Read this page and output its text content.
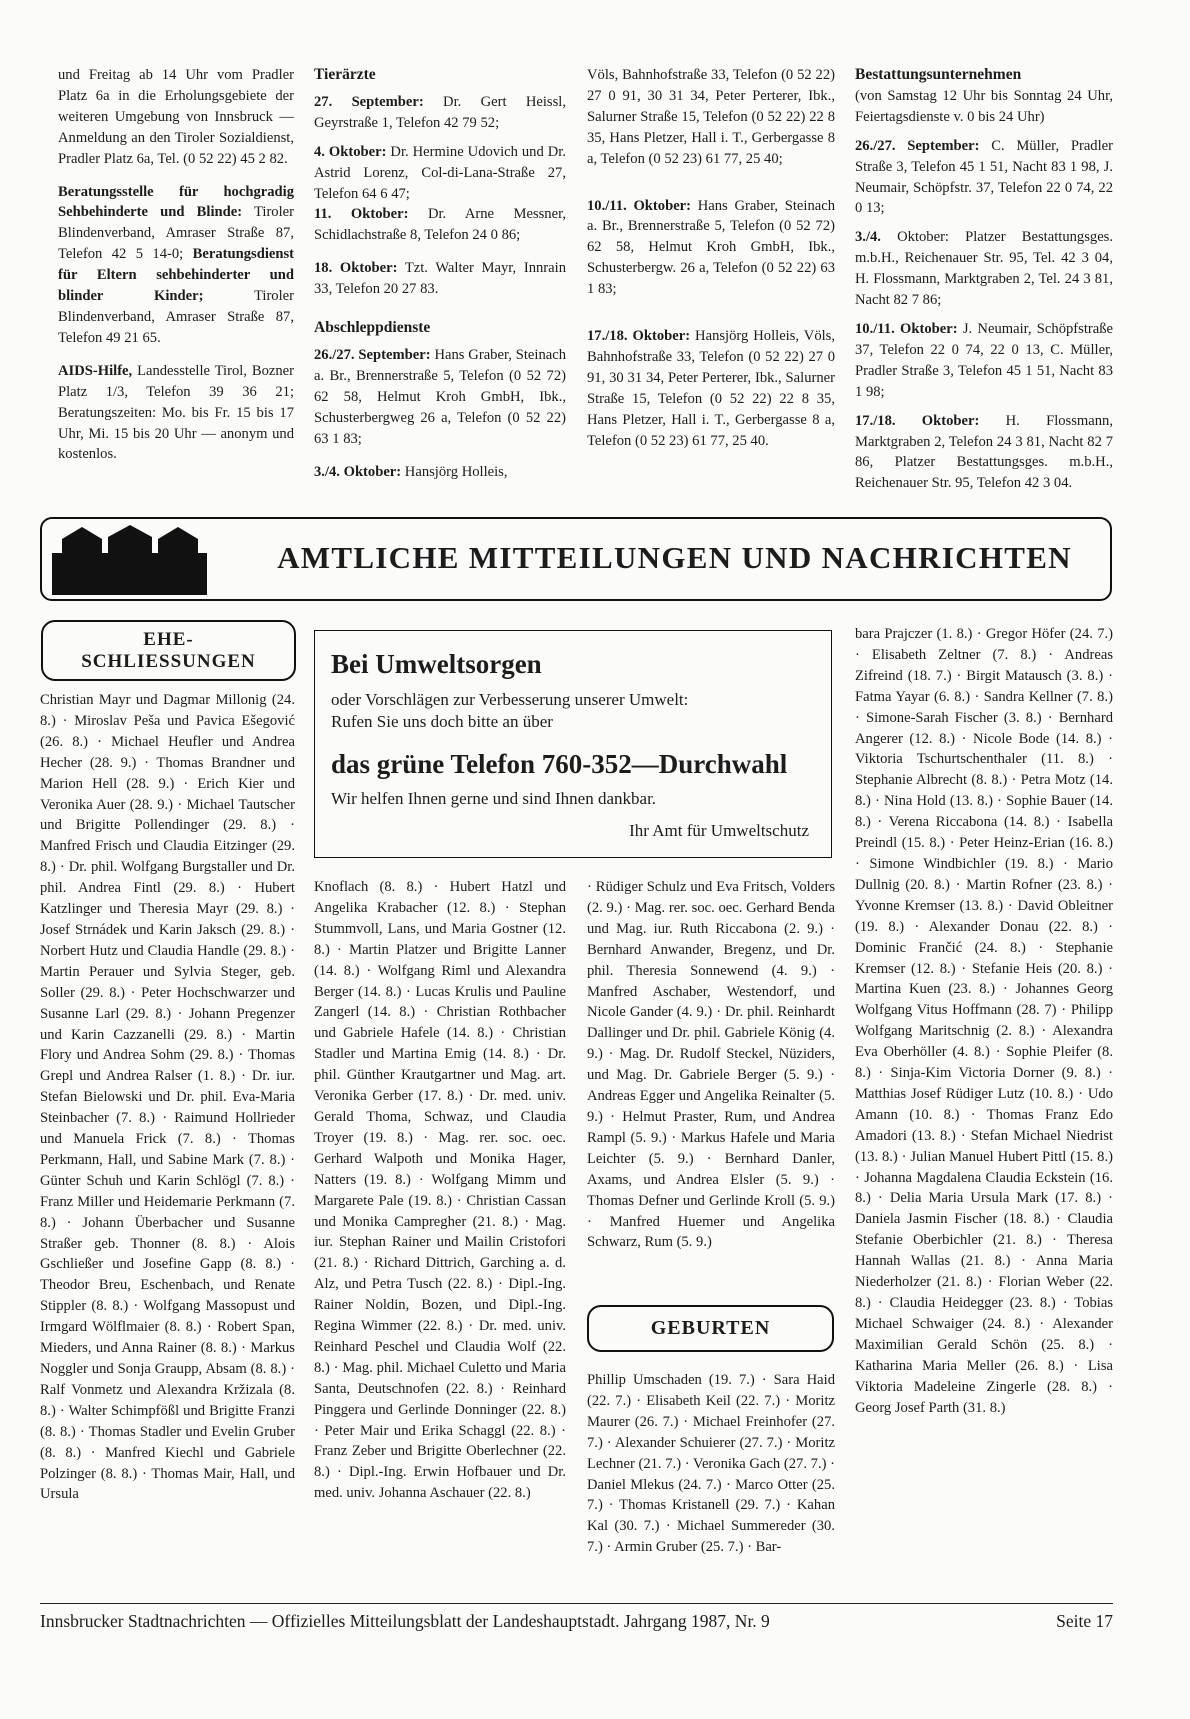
und Freitag ab 14 Uhr vom Pradler Platz 6a in die Erholungsgebiete der weiteren Umgebung von Innsbruck — Anmeldung an den Tiroler Sozialdienst, Pradler Platz 6a, Tel. (0 52 22) 45 2 82.

Beratungsstelle für hochgradig Sehbehinderte und Blinde: Tiroler Blindenverband, Amraser Straße 87, Telefon 42 5 14-0; Beratungsdienst für Eltern sehbehinderter und blinder Kinder; Tiroler Blindenverband, Amraser Straße 87, Telefon 49 21 65.

AIDS-Hilfe, Landesstelle Tirol, Bozner Platz 1/3, Telefon 39 36 21; Beratungszeiten: Mo. bis Fr. 15 bis 17 Uhr, Mi. 15 bis 20 Uhr — anonym und kostenlos.

Tierärzte

27. September: Dr. Gert Heissl, Geyrstraße 1, Telefon 42 79 52;

4. Oktober: Dr. Hermine Udovich und Dr. Astrid Lorenz, Col-di-Lana-Straße 27, Telefon 64 6 47;

11. Oktober: Dr. Arne Messner, Schidlachstraße 8, Telefon 24 0 86;

18. Oktober: Tzt. Walter Mayr, Innrain 33, Telefon 20 27 83.

Abschleppdienste

26./27. September: Hans Graber, Steinach a. Br., Brennerstraße 5, Telefon (0 52 72) 62 58, Helmut Kroh GmbH, Ibk., Schusterbergweg 26 a, Telefon (0 52 22) 63 1 83;

3./4. Oktober: Hansjörg Holleis,

Völs, Bahnhofstraße 33, Telefon (0 52 22) 27 0 91, 30 31 34, Peter Perterer, Ibk., Salurner Straße 15, Telefon (0 52 22) 22 8 35, Hans Pletzer, Hall i. T., Gerbergasse 8 a, Telefon (0 52 23) 61 77, 25 40;

10./11. Oktober: Hans Graber, Steinach a. Br., Brennerstraße 5, Telefon (0 52 72) 62 58, Helmut Kroh GmbH, Ibk., Schusterbergw. 26 a, Telefon (0 52 22) 63 1 83;

17./18. Oktober: Hansjörg Holleis, Völs, Bahnhofstraße 33, Telefon (0 52 22) 27 0 91, 30 31 34, Peter Perterer, Ibk., Salurner Straße 15, Telefon (0 52 22) 22 8 35, Hans Pletzer, Hall i. T., Gerbergasse 8 a, Telefon (0 52 23) 61 77, 25 40.

Bestattungsunternehmen

(von Samstag 12 Uhr bis Sonntag 24 Uhr, Feiertagsdienste v. 0 bis 24 Uhr)

26./27. September: C. Müller, Pradler Straße 3, Telefon 45 1 51, Nacht 83 1 98, J. Neumair, Schöpfstr. 37, Telefon 22 0 74, 22 0 13;

3./4. Oktober: Platzer Bestattungsges. m.b.H., Reichenauer Str. 95, Tel. 42 3 04, H. Flossmann, Marktgraben 2, Tel. 24 3 81, Nacht 82 7 86;

10./11. Oktober: J. Neumair, Schöpfstraße 37, Telefon 22 0 74, 22 0 13, C. Müller, Pradler Straße 3, Telefon 45 1 51, Nacht 83 1 98;

17./18. Oktober: H. Flossmann, Marktgraben 2, Telefon 24 3 81, Nacht 82 7 86, Platzer Bestattungsges. m.b.H., Reichenauer Str. 95, Telefon 42 3 04.

AMTLICHE MITTEILUNGEN UND NACHRICHTEN
EHE-
SCHLIESSUNGEN

Christian Mayr und Dagmar Millonig (24. 8.) · Miroslav Peša und Pavica Ešegović (26. 8.) · Michael Heufler und Andrea Hecher (28. 9.) · Thomas Brandner und Marion Hell (28. 9.) · Erich Kier und Veronika Auer (28. 9.) · Michael Tautscher und Brigitte Pollendinger (29. 8.) · Manfred Frisch und Claudia Eitzinger (29. 8.) · Dr. phil. Wolfgang Burgstaller und Dr. phil. Andrea Fintl (29. 8.) · Hubert Katzlinger und Theresia Mayr (29. 8.) · Josef Strnádek und Karin Jaksch (29. 8.) · Norbert Hutz und Claudia Handle (29. 8.) · Martin Perauer und Sylvia Steger, geb. Soller (29. 8.) · Peter Hochschwarzer und Susanne Larl (29. 8.) · Johann Pregenzer und Karin Cazzanelli (29. 8.) · Martin Flory und Andrea Sohm (29. 8.) · Thomas Grepl und Andrea Ralser (1. 8.) · Dr. iur. Stefan Bielowski und Dr. phil. Eva-Maria Steinbacher (7. 8.) · Raimund Hollrieder und Manuela Frick (7. 8.) · Thomas Perkmann, Hall, und Sabine Mark (7. 8.) · Günter Schuh und Karin Schlögl (7. 8.) · Franz Miller und Heidemarie Perkmann (7. 8.) · Johann Überbacher und Susanne Straßer geb. Thonner (8. 8.) · Alois Gschließer und Josefine Gapp (8. 8.) · Theodor Breu, Eschenbach, und Renate Stippler (8. 8.) · Wolfgang Massopust und Irmgard Wölflmaier (8. 8.) · Robert Span, Mieders, und Anna Rainer (8. 8.) · Markus Noggler und Sonja Graupp, Absam (8. 8.) · Ralf Vonmetz und Alexandra Kržizala (8. 8.) · Walter Schimpfößl und Brigitte Franzi (8. 8.) · Thomas Stadler und Evelin Gruber (8. 8.) · Manfred Kiechl und Gabriele Polzinger (8. 8.) · Thomas Mair, Hall, und Ursula

Bei Umweltsorgen
oder Vorschlägen zur Verbesserung unserer Umwelt:
Rufen Sie uns doch bitte an über
das grüne Telefon 760-352—Durchwahl
Wir helfen Ihnen gerne und sind Ihnen dankbar.
Ihr Amt für Umweltschutz

Knoflach (8. 8.) · Hubert Hatzl und Angelika Krabacher (12. 8.) · Stephan Stummvoll, Lans, und Maria Gostner (12. 8.) · Martin Platzer und Brigitte Lanner (14. 8.) · Wolfgang Riml und Alexandra Berger (14. 8.) · Lucas Krulis und Pauline Zangerl (14. 8.) · Christian Rothbacher und Gabriele Hafele (14. 8.) · Christian Stadler und Martina Emig (14. 8.) · Dr. phil. Günther Krautgartner und Mag. art. Veronika Gerber (17. 8.) · Dr. med. univ. Gerald Thoma, Schwaz, und Claudia Troyer (19. 8.) · Mag. rer. soc. oec. Gerhard Walpoth und Monika Hager, Natters (19. 8.) · Wolfgang Mimm und Margarete Pale (19. 8.) · Christian Cassan und Monika Campregher (21. 8.) · Mag. iur. Stephan Rainer und Mailin Cristofori (21. 8.) · Richard Dittrich, Garching a. d. Alz, und Petra Tusch (22. 8.) · Dipl.-Ing. Rainer Noldin, Bozen, und Dipl.-Ing. Regina Wimmer (22. 8.) · Dr. med. univ. Reinhard Peschel und Claudia Wolf (22. 8.) · Mag. phil. Michael Culetto und Maria Santa, Deutschnofen (22. 8.) · Reinhard Pinggera und Gerlinde Donninger (22. 8.) · Peter Mair und Erika Schaggl (22. 8.) · Franz Zeber und Brigitte Oberlechner (22. 8.) · Dipl.-Ing. Erwin Hofbauer und Dr. med. univ. Johanna Aschauer (22. 8.)

· Rüdiger Schulz und Eva Fritsch, Volders (2. 9.) · Mag. rer. soc. oec. Gerhard Benda und Mag. iur. Ruth Riccabona (2. 9.) · Bernhard Anwander, Bregenz, und Dr. phil. Theresia Sonnewend (4. 9.) · Manfred Aschaber, Westendorf, und Nicole Gander (4. 9.) · Dr. phil. Reinhardt Dallinger und Dr. phil. Gabriele König (4. 9.) · Mag. Dr. Rudolf Steckel, Nüziders, und Mag. Dr. Gabriele Berger (5. 9.) · Andreas Egger und Angelika Reinalter (5. 9.) · Helmut Praster, Rum, und Andrea Rampl (5. 9.) · Markus Hafele und Maria Leichter (5. 9.) · Bernhard Danler, Axams, und Andrea Elsler (5. 9.) · Thomas Defner und Gerlinde Kroll (5. 9.) · Manfred Huemer und Angelika Schwarz, Rum (5. 9.)

GEBURTEN

Phillip Umschaden (19. 7.) · Sara Haid (22. 7.) · Elisabeth Keil (22. 7.) · Moritz Maurer (26. 7.) · Michael Freinhofer (27. 7.) · Alexander Schuierer (27. 7.) · Moritz Lechner (21. 7.) · Veronika Gach (27. 7.) · Daniel Mlekus (24. 7.) · Marco Otter (25. 7.) · Thomas Kristanell (29. 7.) · Kahan Kal (30. 7.) · Michael Summereder (30. 7.) · Armin Gruber (25. 7.) · Bar-

bara Prajczer (1. 8.) · Gregor Höfer (24. 7.) · Elisabeth Zeltner (7. 8.) · Andreas Zifreind (18. 7.) · Birgit Matausch (3. 8.) · Fatma Yayar (6. 8.) · Sandra Kellner (7. 8.) · Simone-Sarah Fischer (3. 8.) · Bernhard Angerer (12. 8.) · Nicole Bode (14. 8.) · Viktoria Tschurtschenthaler (11. 8.) · Stephanie Albrecht (8. 8.) · Petra Motz (14. 8.) · Nina Hold (13. 8.) · Sophie Bauer (14. 8.) · Verena Riccabona (14. 8.) · Isabella Preindl (15. 8.) · Peter Heinz-Erian (16. 8.) · Simone Windbichler (19. 8.) · Mario Dullnig (20. 8.) · Martin Rofner (23. 8.) · Yvonne Kremser (13. 8.) · David Obleitner (19. 8.) · Alexander Donau (22. 8.) · Dominic Frančić (24. 8.) · Stephanie Kremser (12. 8.) · Stefanie Heis (20. 8.) · Martina Kuen (23. 8.) · Johannes Georg Wolfgang Vitus Hoffmann (28. 7) · Philipp Wolfgang Maritschnig (2. 8.) · Alexandra Eva Oberhöller (4. 8.) · Sophie Pleifer (8. 8.) · Sinja-Kim Victoria Dorner (9. 8.) · Matthias Josef Rüdiger Lutz (10. 8.) · Udo Amann (10. 8.) · Thomas Franz Edo Amadori (13. 8.) · Stefan Michael Niedrist (13. 8.) · Julian Manuel Hubert Pittl (15. 8.) · Johanna Magdalena Claudia Eckstein (16. 8.) · Delia Maria Ursula Mark (17. 8.) · Daniela Jasmin Fischer (18. 8.) · Claudia Stefanie Oberbichler (21. 8.) · Theresa Hannah Wallas (21. 8.) · Anna Maria Niederholzer (21. 8.) · Florian Weber (22. 8.) · Claudia Heidegger (23. 8.) · Tobias Michael Schwaiger (24. 8.) · Alexander Maximilian Gerald Schön (25. 8.) · Katharina Maria Meller (26. 8.) · Lisa Viktoria Madeleine Zingerle (28. 8.) · Georg Josef Parth (31. 8.)

Innsbrucker Stadtnachrichten — Offizielles Mitteilungsblatt der Landeshauptstadt. Jahrgang 1987, Nr. 9	Seite 17
